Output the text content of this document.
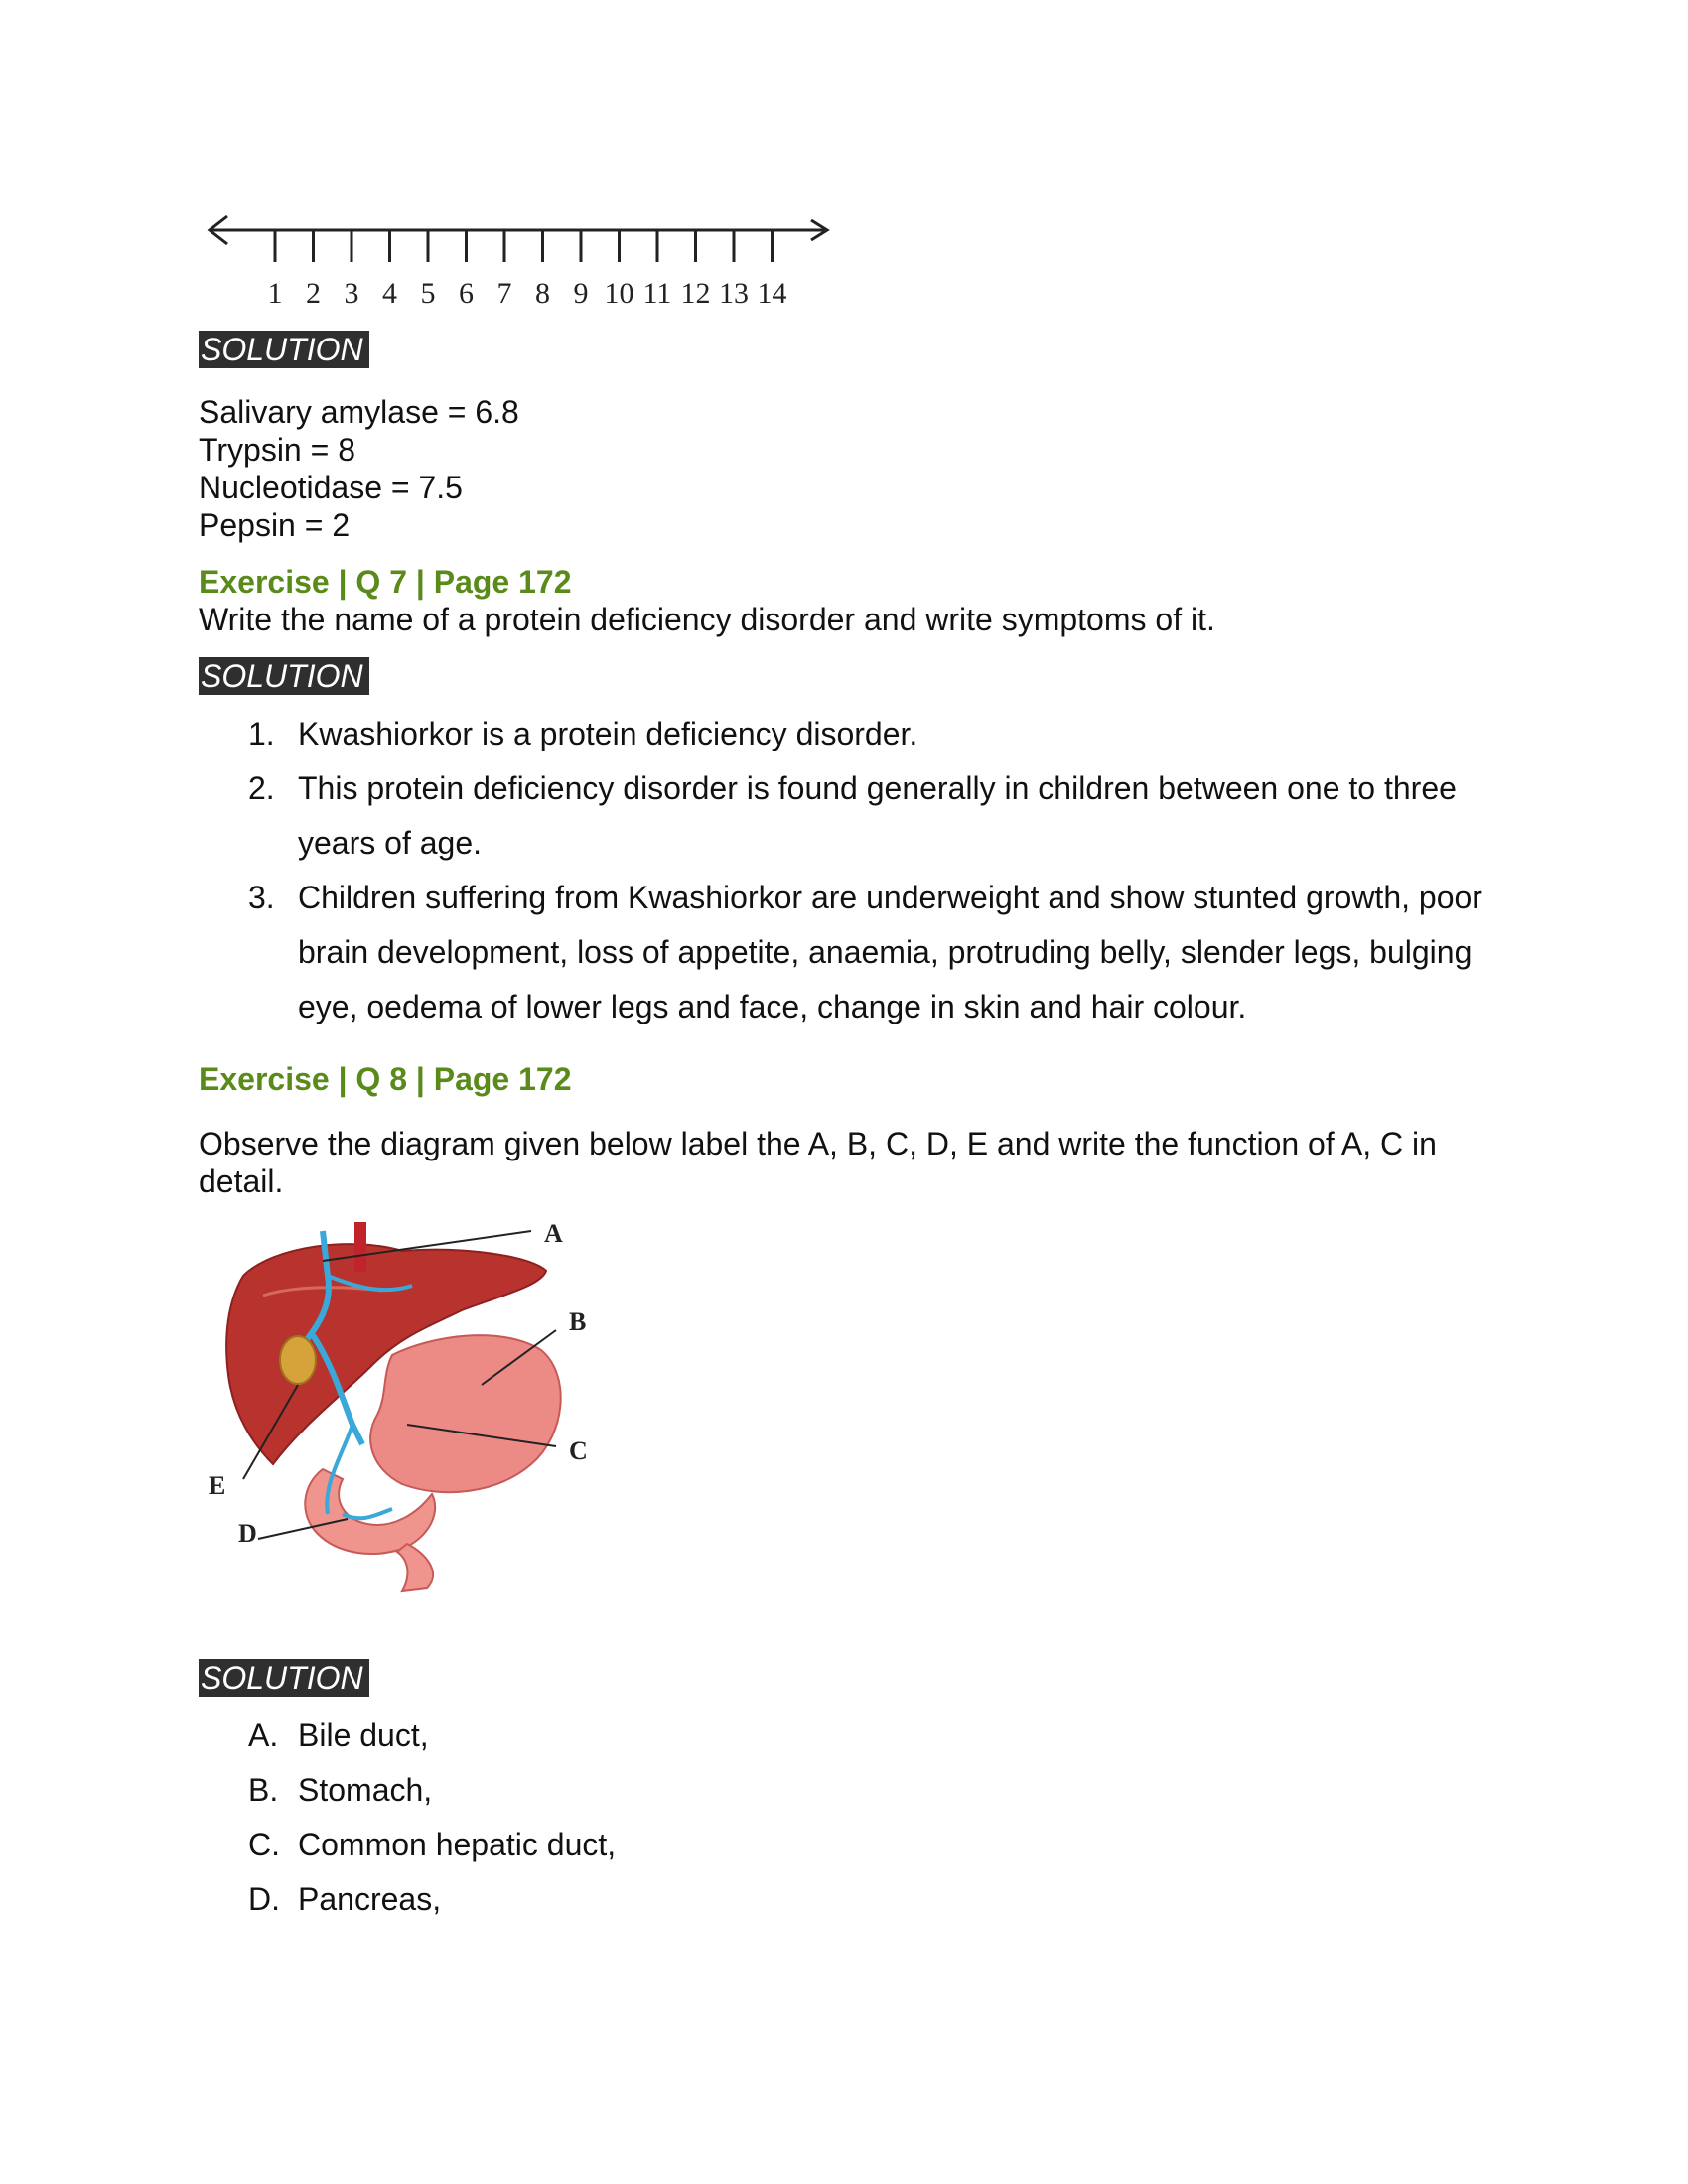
1 2 3 4 5 6 7 8 9 10 11 12 13 14
SOLUTION
Salivary amylase = 6.8
Trypsin = 8
Nucleotidase = 7.5
Pepsin = 2
Exercise | Q 7 | Page 172
Write the name of a protein deficiency disorder and write symptoms of it.
SOLUTION
1. Kwashiorkor is a protein deficiency disorder.
2. This protein deficiency disorder is found generally in children between one to three years of age.
3. Children suffering from Kwashiorkor are underweight and show stunted growth, poor brain development, loss of appetite, anaemia, protruding belly, slender legs, bulging eye, oedema of lower legs and face, change in skin and hair colour.
Exercise | Q 8 | Page 172
Observe the diagram given below label the A, B, C, D, E and write the function of A, C in detail.
A
B
C
D
E
SOLUTION
A. Bile duct,
B. Stomach,
C. Common hepatic duct,
D. Pancreas,
